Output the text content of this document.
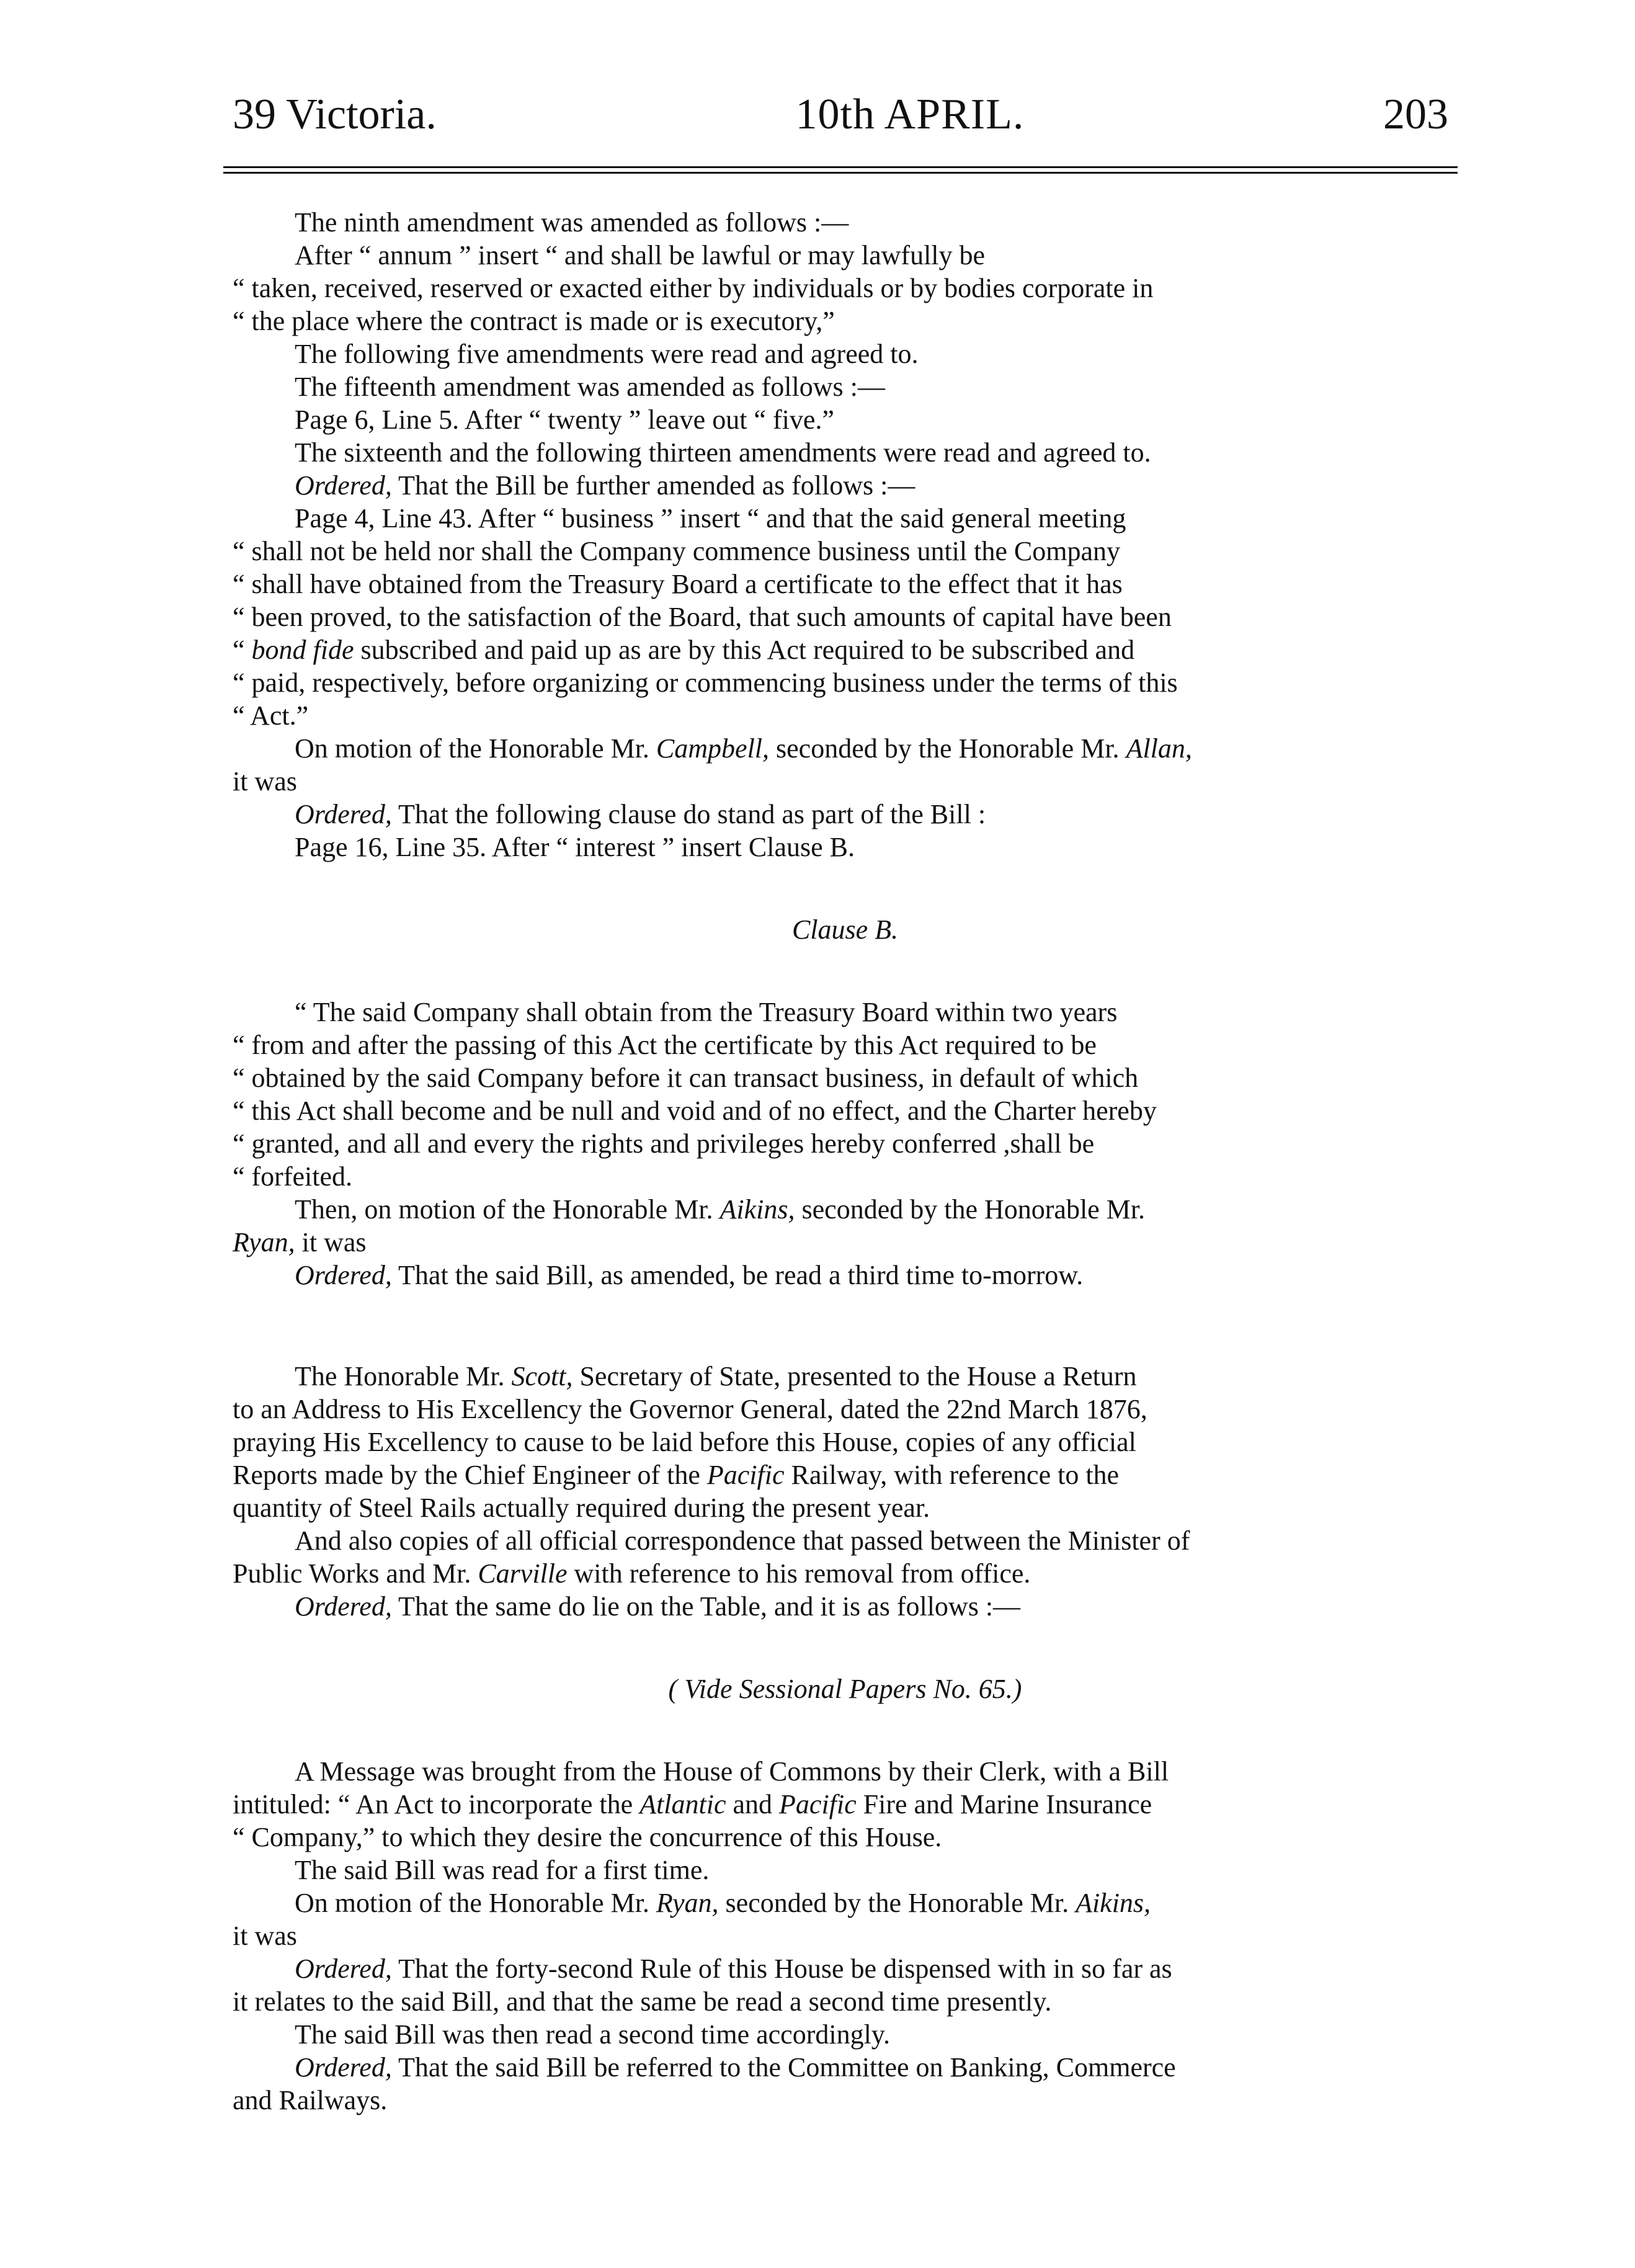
39 Victoria.	10th APRIL.	203

The ninth amendment was amended as follows :—

After “ annum ” insert “ and shall be lawful or may lawfully be

“ taken, received, reserved or exacted either by individuals or by bodies corporate in

“ the place where the contract is made or is executory,”

The following five amendments were read and agreed to.

The fifteenth amendment was amended as follows :—

Page 6, Line 5. After “ twenty ” leave out “ five.”

The sixteenth and the following thirteen amendments were read and agreed to.

Ordered, That the Bill be further amended as follows :—

Page 4, Line 43. After “ business ” insert “ and that the said general meeting

“ shall not be held nor shall the Company commence business until the Company

“ shall have obtained from the Treasury Board a certificate to the effect that it has

“ been proved, to the satisfaction of the Board, that such amounts of capital have been

“ bond fide subscribed and paid up as are by this Act required to be subscribed and

“ paid, respectively, before organizing or commencing business under the terms of this

“ Act.”

On motion of the Honorable Mr. Campbell, seconded by the Honorable Mr. Allan,

it was

Ordered, That the following clause do stand as part of the Bill :

Page 16, Line 35. After “ interest ” insert Clause B.

Clause B.

“ The said Company shall obtain from the Treasury Board within two years

“ from and after the passing of this Act the certificate by this Act required to be

“ obtained by the said Company before it can transact business, in default of which

“ this Act shall become and be null and void and of no effect, and the Charter hereby

“ granted, and all and every the rights and privileges hereby conferred ,shall be

“ forfeited.

Then, on motion of the Honorable Mr. Aikins, seconded by the Honorable Mr.

Ryan, it was

Ordered, That the said Bill, as amended, be read a third time to-morrow.

The Honorable Mr. Scott, Secretary of State, presented to the House a Return

to an Address to His Excellency the Governor General, dated the 22nd March 1876,

praying His Excellency to cause to be laid before this House, copies of any official

Reports made by the Chief Engineer of the Pacific Railway, with reference to the

quantity of Steel Rails actually required during the present year.

And also copies of all official correspondence that passed between the Minister of

Public Works and Mr. Carville with reference to his removal from office.

Ordered, That the same do lie on the Table, and it is as follows :—

( Vide Sessional Papers No. 65.)

A Message was brought from the House of Commons by their Clerk, with a Bill

intituled: “ An Act to incorporate the Atlantic and Pacific Fire and Marine Insurance

“ Company,” to which they desire the concurrence of this House.

The said Bill was read for a first time.

On motion of the Honorable Mr. Ryan, seconded by the Honorable Mr. Aikins,

it was

Ordered, That the forty-second Rule of this House be dispensed with in so far as

it relates to the said Bill, and that the same be read a second time presently.

The said Bill was then read a second time accordingly.

Ordered, That the said Bill be referred to the Committee on Banking, Commerce

and Railways.
